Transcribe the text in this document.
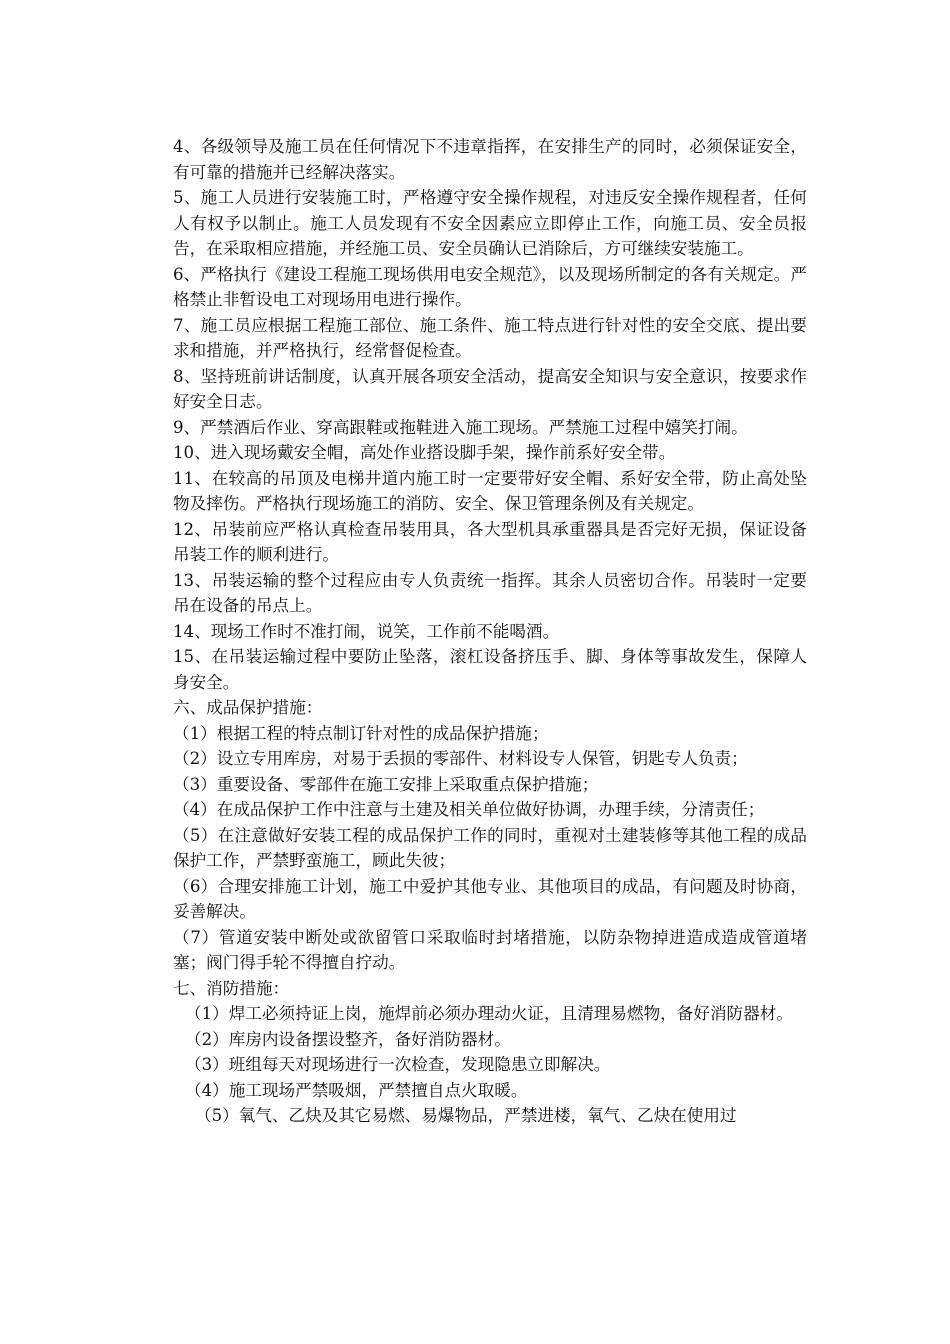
4、各级领导及施工员在任何情况下不违章指挥，在安排生产的同时，必须保证安全，有可靠的措施并已经解决落实。

5、施工人员进行安装施工时，严格遵守安全操作规程，对违反安全操作规程者，任何人有权予以制止。施工人员发现有不安全因素应立即停止工作，向施工员、安全员报告，在采取相应措施，并经施工员、安全员确认已消除后，方可继续安装施工。

6、严格执行《建设工程施工现场供用电安全规范》，以及现场所制定的各有关规定。严格禁止非暂设电工对现场用电进行操作。

7、施工员应根据工程施工部位、施工条件、施工特点进行针对性的安全交底、提出要求和措施，并严格执行，经常督促检查。

8、坚持班前讲话制度，认真开展各项安全活动，提高安全知识与安全意识，按要求作好安全日志。

9、严禁酒后作业、穿高跟鞋或拖鞋进入施工现场。严禁施工过程中嬉笑打闹。

10、进入现场戴安全帽，高处作业搭设脚手架，操作前系好安全带。

11、在较高的吊顶及电梯井道内施工时一定要带好安全帽、系好安全带，防止高处坠物及摔伤。严格执行现场施工的消防、安全、保卫管理条例及有关规定。

12、吊装前应严格认真检查吊装用具，各大型机具承重器具是否完好无损，保证设备吊装工作的顺利进行。

13、吊装运输的整个过程应由专人负责统一指挥。其余人员密切合作。吊装时一定要吊在设备的吊点上。

14、现场工作时不准打闹，说笑，工作前不能喝酒。

15、在吊装运输过程中要防止坠落，滚杠设备挤压手、脚、身体等事故发生，保障人身安全。

六、成品保护措施：

（1）根据工程的特点制订针对性的成品保护措施；

（2）设立专用库房，对易于丢损的零部件、材料设专人保管，钥匙专人负责；

（3）重要设备、零部件在施工安排上采取重点保护措施；

（4）在成品保护工作中注意与土建及相关单位做好协调，办理手续，分清责任；

（5）在注意做好安装工程的成品保护工作的同时，重视对土建装修等其他工程的成品保护工作，严禁野蛮施工，顾此失彼；

（6）合理安排施工计划，施工中爱护其他专业、其他项目的成品，有问题及时协商，妥善解决。

（7）管道安装中断处或欲留管口采取临时封堵措施，以防杂物掉进造成造成管道堵塞；阀门得手轮不得擅自拧动。

七、消防措施：

（1）焊工必须持证上岗，施焊前必须办理动火证，且清理易燃物，备好消防器材。

（2）库房内设备摆设整齐，备好消防器材。

（3）班组每天对现场进行一次检查，发现隐患立即解决。

（4）施工现场严禁吸烟，严禁擅自点火取暖。

（5）氧气、乙炔及其它易燃、易爆物品，严禁进楼，氧气、乙炔在使用过
